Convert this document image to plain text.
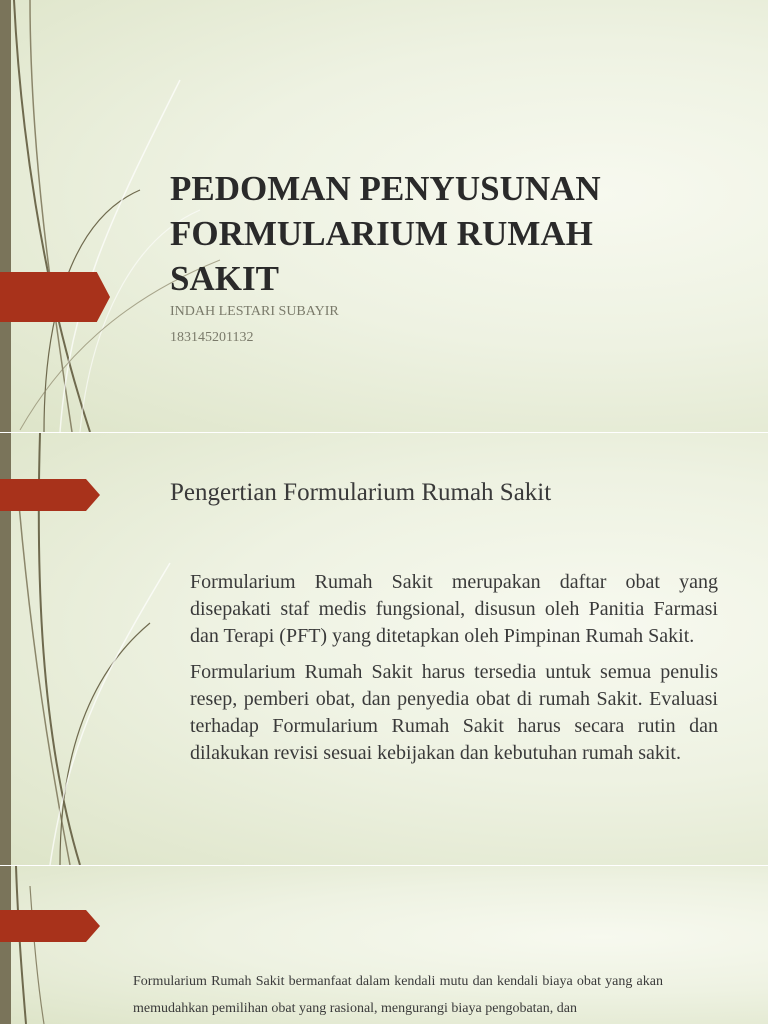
PEDOMAN PENYUSUNAN FORMULARIUM RUMAH SAKIT
INDAH LESTARI SUBAYIR
183145201132
Pengertian Formularium Rumah Sakit
Formularium Rumah Sakit merupakan daftar obat yang disepakati staf medis fungsional, disusun oleh Panitia Farmasi dan Terapi (PFT) yang ditetapkan oleh Pimpinan Rumah Sakit.
Formularium Rumah Sakit harus tersedia untuk semua penulis resep, pemberi obat, dan penyedia obat di rumah Sakit. Evaluasi terhadap Formularium Rumah Sakit harus secara rutin dan dilakukan revisi sesuai kebijakan dan kebutuhan rumah sakit.
Formularium Rumah Sakit bermanfaat dalam kendali mutu dan kendali biaya obat yang akan memudahkan pemilihan obat yang rasional, mengurangi biaya pengobatan, dan
